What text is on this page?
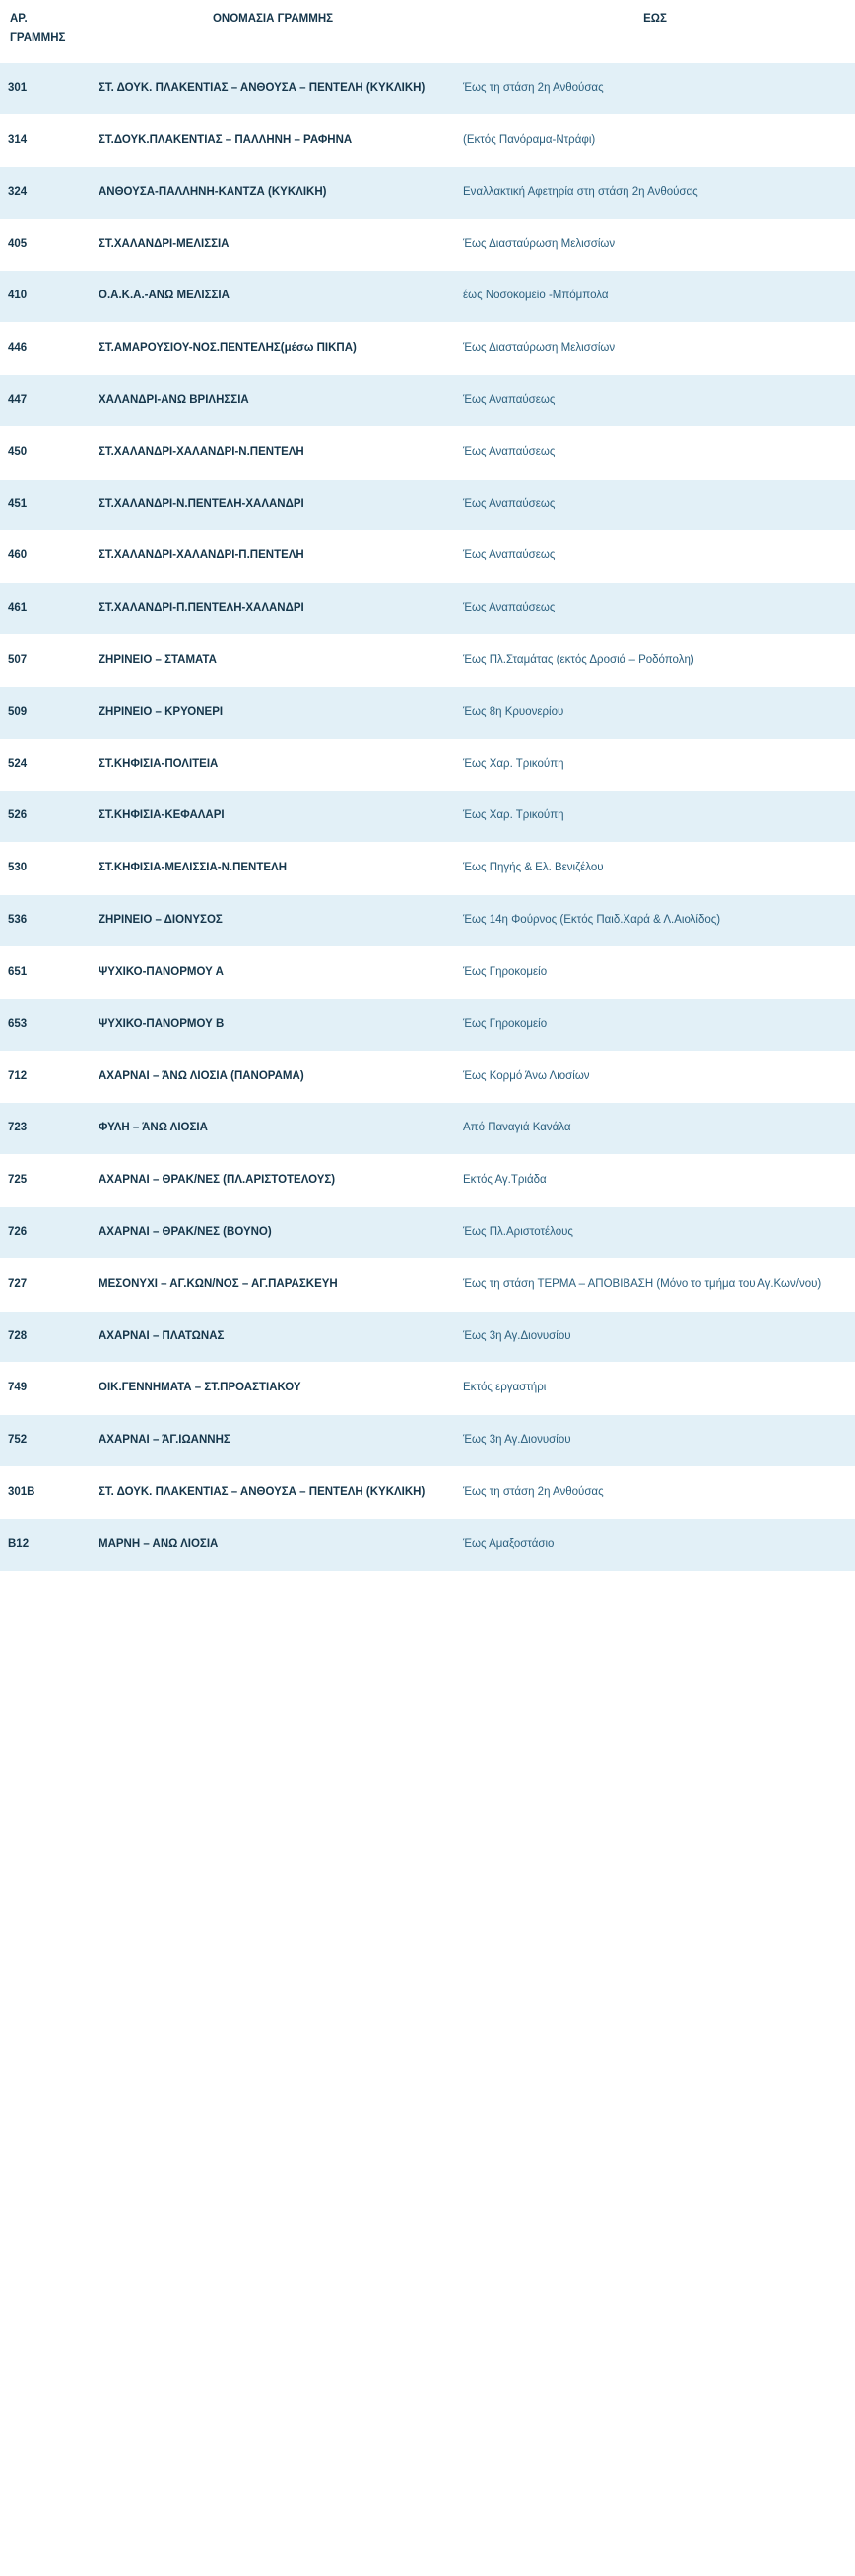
ΑΡ.
ΓΡΑΜΜΗΣ	ΟΝΟΜΑΣΙΑ ΓΡΑΜΜΗΣ	ΕΩΣ
301	ΣΤ. ΔΟΥΚ. ΠΛΑΚΕΝΤΙΑΣ – ΑΝΘΟΥΣΑ – ΠΕΝΤΕΛΗ (ΚΥΚΛΙΚΗ)	Έως τη στάση 2η Ανθούσας
314	ΣΤ.ΔΟΥΚ.ΠΛΑΚΕΝΤΙΑΣ – ΠΑΛΛΗΝΗ – ΡΑΦΗΝΑ	(Εκτός Πανόραμα-Ντράφι)
324	ΑΝΘΟΥΣΑ-ΠΑΛΛΗΝΗ-ΚΑΝΤΖΑ (ΚΥΚΛΙΚΗ)	Εναλλακτική Αφετηρία στη στάση 2η Ανθούσας
405	ΣΤ.ΧΑΛΑΝΔΡΙ-ΜΕΛΙΣΣΙΑ	Έως Διασταύρωση Μελισσίων
410	Ο.Α.Κ.Α.-ΑΝΩ ΜΕΛΙΣΣΙΑ	έως Νοσοκομείο -Μπόμπολα
446	ΣΤ.ΑΜΑΡΟΥΣΙΟΥ-ΝΟΣ.ΠΕΝΤΕΛΗΣ(μέσω ΠΙΚΠΑ)	Έως Διασταύρωση Μελισσίων
447	ΧΑΛΑΝΔΡΙ-ΑΝΩ ΒΡΙΛΗΣΣΙΑ	Έως Αναπαύσεως
450	ΣΤ.ΧΑΛΑΝΔΡΙ-ΧΑΛΑΝΔΡΙ-Ν.ΠΕΝΤΕΛΗ	Έως Αναπαύσεως
451	ΣΤ.ΧΑΛΑΝΔΡΙ-Ν.ΠΕΝΤΕΛΗ-ΧΑΛΑΝΔΡΙ	Έως Αναπαύσεως
460	ΣΤ.ΧΑΛΑΝΔΡΙ-ΧΑΛΑΝΔΡΙ-Π.ΠΕΝΤΕΛΗ	Έως Αναπαύσεως
461	ΣΤ.ΧΑΛΑΝΔΡΙ-Π.ΠΕΝΤΕΛΗ-ΧΑΛΑΝΔΡΙ	Έως Αναπαύσεως
507	ΖΗΡΙΝΕΙΟ – ΣΤΑΜΑΤΑ	Έως Πλ.Σταμάτας (εκτός Δροσιά – Ροδόπολη)
509	ΖΗΡΙΝΕΙΟ – ΚΡΥΟΝΕΡΙ	Έως 8η Κρυονερίου
524	ΣΤ.ΚΗΦΙΣΙΑ-ΠΟΛΙΤΕΙΑ	Έως Χαρ. Τρικούπη
526	ΣΤ.ΚΗΦΙΣΙΑ-ΚΕΦΑΛΑΡΙ	Έως Χαρ. Τρικούπη
530	ΣΤ.ΚΗΦΙΣΙΑ-ΜΕΛΙΣΣΙΑ-Ν.ΠΕΝΤΕΛΗ	Έως Πηγής & Ελ. Βενιζέλου
536	ΖΗΡΙΝΕΙΟ – ΔΙΟΝΥΣΟΣ	Έως 14η Φούρνος (Εκτός Παιδ.Χαρά & Λ.Αιολίδος)
651	ΨΥΧΙΚΟ-ΠΑΝΟΡΜΟΥ Α	Έως Γηροκομείο
653	ΨΥΧΙΚΟ-ΠΑΝΟΡΜΟΥ Β	Έως Γηροκομείο
712	ΑΧΑΡΝΑΙ – ΆΝΩ ΛΙΟΣΙΑ (ΠΑΝΟΡΑΜΑ)	Έως Κορμό Άνω Λιοσίων
723	ΦΥΛΗ – ΆΝΩ ΛΙΟΣΙΑ	Από Παναγιά Κανάλα
725	ΑΧΑΡΝΑΙ – ΘΡΑΚ/ΝΕΣ (ΠΛ.ΑΡΙΣΤΟΤΕΛΟΥΣ)	Εκτός Αγ.Τριάδα
726	ΑΧΑΡΝΑΙ – ΘΡΑΚ/ΝΕΣ (ΒΟΥΝΟ)	Έως Πλ.Αριστοτέλους
727	ΜΕΣΟΝΥΧΙ – ΑΓ.ΚΩΝ/ΝΟΣ – ΑΓ.ΠΑΡΑΣΚΕΥΗ	Έως τη στάση ΤΕΡΜΑ – ΑΠΟΒΙΒΑΣΗ (Μόνο το τμήμα του Αγ.Κων/νου)
728	ΑΧΑΡΝΑΙ – ΠΛΑΤΩΝΑΣ	Έως 3η Αγ.Διονυσίου
749	ΟΙΚ.ΓΕΝΝΗΜΑΤΑ – ΣΤ.ΠΡΟΑΣΤΙΑΚΟΥ	Εκτός εργαστήρι
752	ΑΧΑΡΝΑΙ – ΆΓ.ΙΩΑΝΝΗΣ	Έως 3η Αγ.Διονυσίου
301Β	ΣΤ. ΔΟΥΚ. ΠΛΑΚΕΝΤΙΑΣ – ΑΝΘΟΥΣΑ – ΠΕΝΤΕΛΗ (ΚΥΚΛΙΚΗ)	Έως τη στάση 2η Ανθούσας
Β12	ΜΑΡΝΗ – ΑΝΩ ΛΙΟΣΙΑ	Έως Αμαξοστάσιο
